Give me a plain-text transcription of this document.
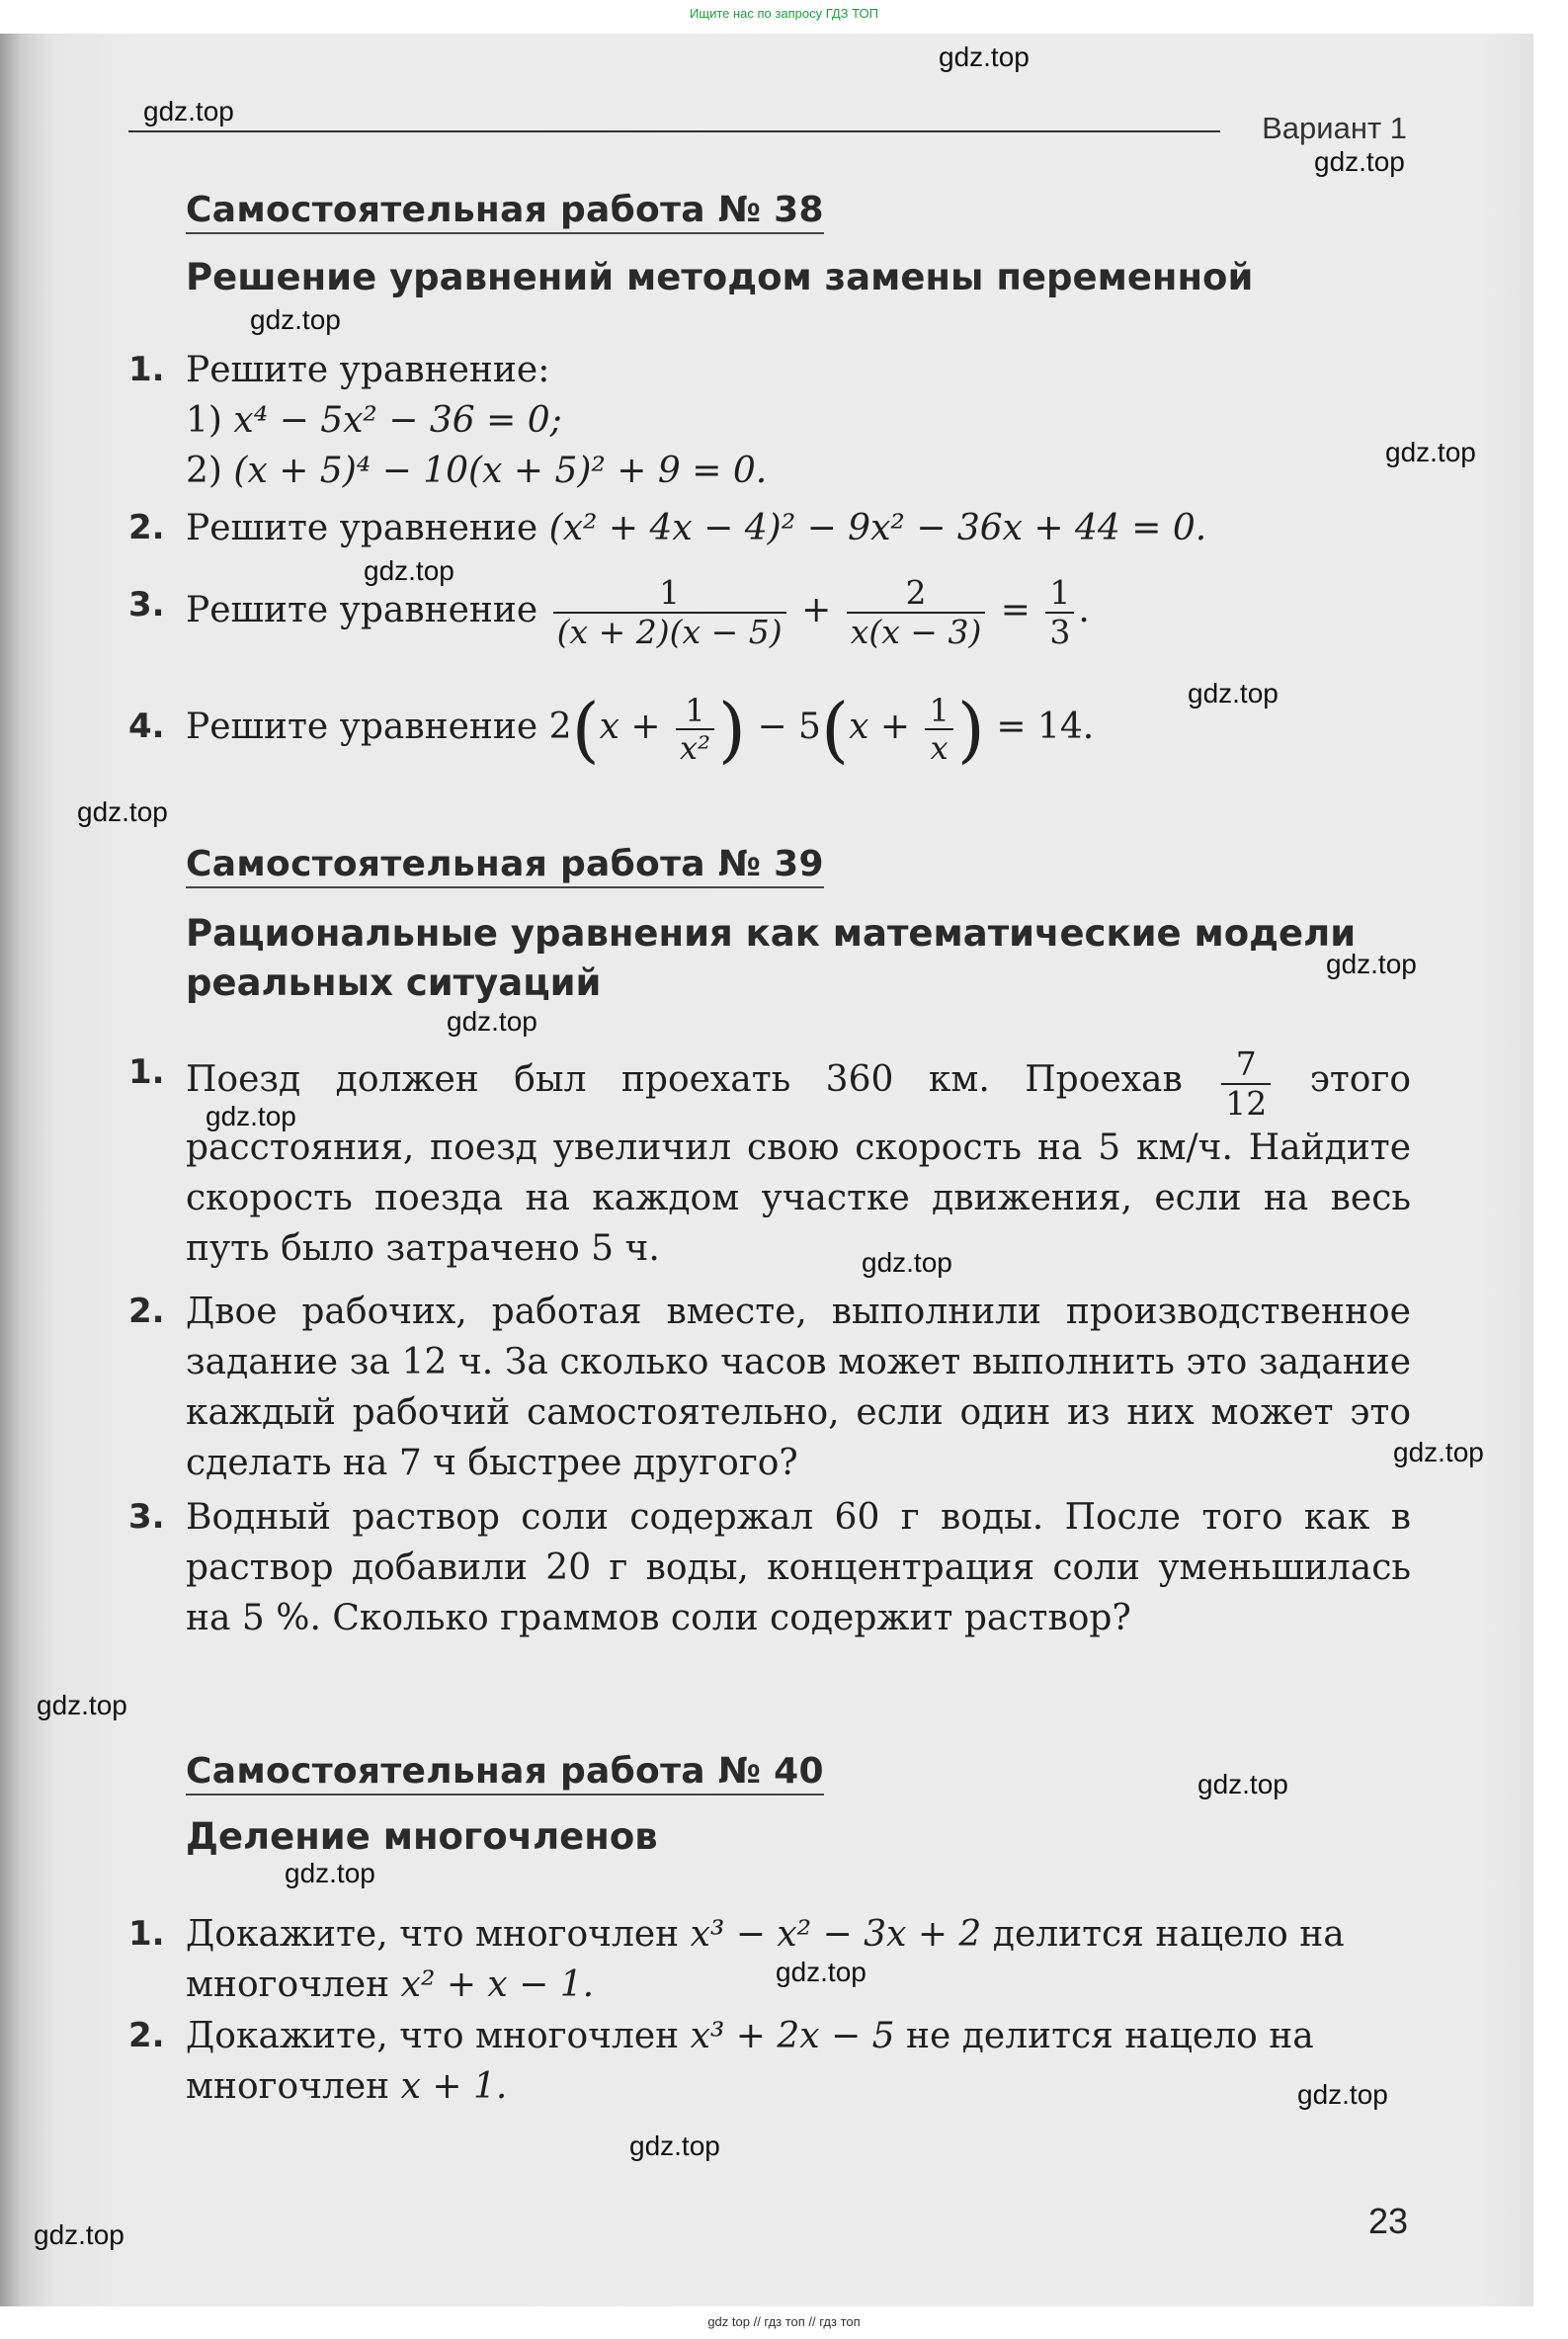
Ищите нас по запросу ГДЗ ТОП
Вариант 1
Самостоятельная работа № 38
Решение уравнений методом замены переменной
1. Решите уравнение:
1) x⁴ − 5x² − 36 = 0;
2) (x + 5)⁴ − 10(x + 5)² + 9 = 0.
2. Решите уравнение (x² + 4x − 4)² − 9x² − 36x + 44 = 0.
3. Решите уравнение $\frac{1}{(x + 2)(x - 5)} + \frac{2}{x(x - 3)} = \frac{1}{3}$ .
4. Решите уравнение $2(x + \frac{1}{\text{x²}}$ ) − $5(x + \frac{1}{x}$ ) = 14.
Самостоятельная работа № 39
Рациональные уравнения как математические модели реальных ситуаций
1. Поезд должен был проехать 360 км. Проехав $\frac{7}{12}$ этого расстояния, поезд увеличил свою скорость на 5 км/ч. Найдите скорость поезда на каждом участке движения, если на весь путь было затрачено 5 ч.
2. Двое рабочих, работая вместе, выполнили производственное задание за 12 ч. За сколько часов может выполнить это задание каждый рабочий самостоятельно, если один из них может это сделать на 7 ч быстрее другого?
3. Водный раствор соли содержал 60 г воды. После того как в раствор добавили 20 г воды, концентрация соли уменьшилась на 5 %. Сколько граммов соли содержит раствор?
Самостоятельная работа № 40
Деление многочленов
1. Докажите, что многочлен x³ − x² − 3x + 2 делится нацело на многочлен x² + x − 1.
2. Докажите, что многочлен x³ + 2x − 5 не делится нацело на многочлен x + 1.
23
gdz.top
gdz.top
gdz.top
gdz.top
gdz.top
gdz.top
gdz.top
gdz.top
gdz.top
gdz.top
gdz.top
gdz.top
gdz.top
gdz.top
gdz.top
gdz.top
gdz.top
gdz.top
gdz.top
gdz.top
gdz top // гдз топ // гдз топ
